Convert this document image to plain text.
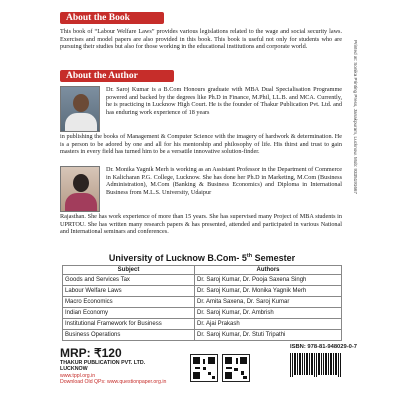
About the Book

This book of “Labour Welfare Laws” provides various legislations related to the wage and social security laws. Exercises and model papers are also provided in this book. This book is useful not only for students who are pursuing their studies but also for those working in the educational institutions and corporate world.

About the Author

Dr. Saroj Kumar is a B.Com Honours graduate with MBA Dual Specialisation Programme powered and backed by the degrees like Ph.D in Finance, M.Phil, LL.B. and MCA. Currently, he is practicing in Lucknow High Court. He is the founder of Thakur Publication Pvt. Ltd. and has enduring work experience of 18 years

in publishing the books of Management & Computer Science with the imagery of hardwork & determination. He is a person to be adored by one and all for his mentorship and philosophy of life. His thirst and trust to gain masters in every field has turned him to be a versatile innovative solution-finder.

Dr. Monika Yagnik Merh is working as an Assistant Professor in the Department of Commerce in Kalicharan P.G. College, Lucknow. She has done her Ph.D in Marketing, M.Com (Business Administration), M.Com (Banking & Business Economics) and Diploma in International Business from M.L.S. University, Udaipur

Rajasthan. She has work experience of more than 15 years. She has supervised many Project of MBA students in UPRTOU. She has written many research papers & has presented, attended and participated in various National and International seminars and conferences.

Printed at: Sonika Printing Press, Janakpuram, Lucknow. Mob: 9335191667
University of Lucknow B.Com- 5th Semester
Subject	Authors
Goods and Services Tax	Dr. Saroj Kumar, Dr. Pooja Saxena Singh
Labour Welfare Laws	Dr. Saroj Kumar, Dr. Monika Yagnik Merh
Macro Economics	Dr. Amita Saxena, Dr. Saroj Kumar
Indian Economy	Dr. Saroj Kumar, Dr. Ambrish
Institutional Framework for Business	Dr. Ajai Prakash
Business Operations	Dr. Saroj Kumar, Dr. Stuti Tripathi
MRP: ₹120
THAKUR PUBLICATION PVT. LTD.
LUCKNOW
www.tppl.org.in
Download Old QPs: www.questionpaper.org.in
ISBN: 978-81-948029-0-7
